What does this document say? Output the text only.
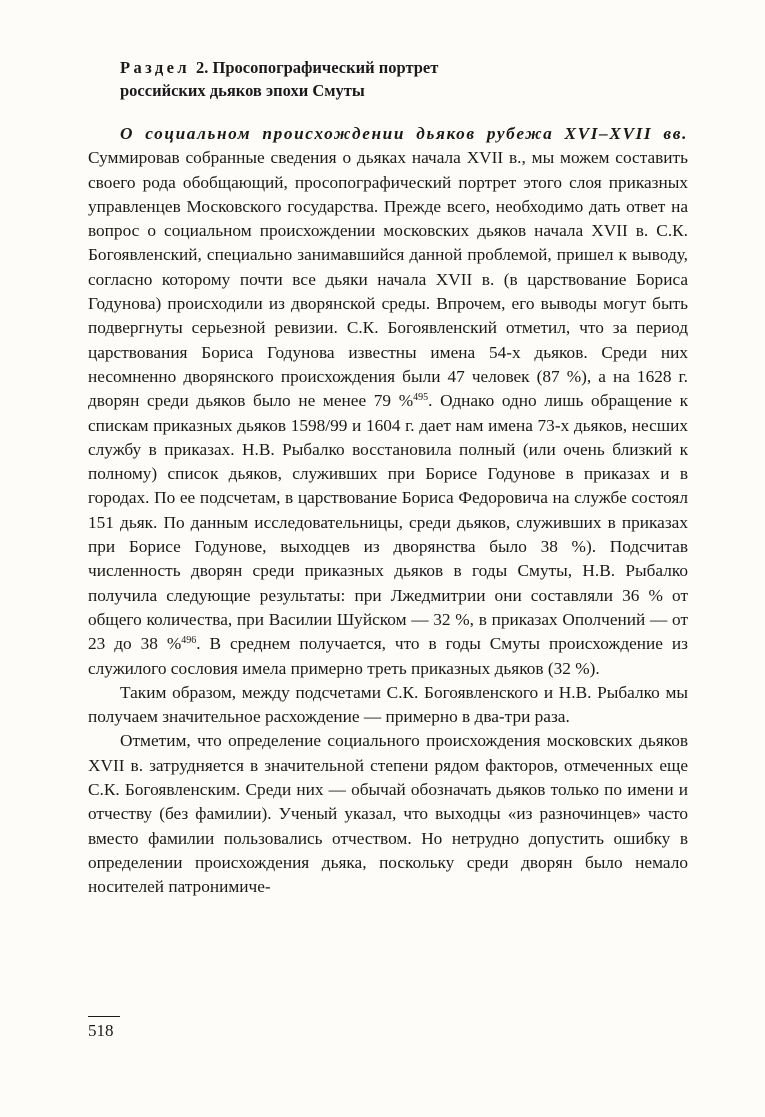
Раздел 2. Просопографический портрет
российских дьяков эпохи Смуты

О социальном происхождении дьяков рубежа XVI–XVII вв. Суммировав собранные сведения о дьяках начала XVII в., мы можем составить своего рода обобщающий, просопографический портрет этого слоя приказных управленцев Московского государства. Прежде всего, необходимо дать ответ на вопрос о социальном происхождении московских дьяков начала XVII в. С.К. Богоявленский, специально занимавшийся данной проблемой, пришел к выводу, согласно которому почти все дьяки начала XVII в. (в царствование Бориса Годунова) происходили из дворянской среды. Впрочем, его выводы могут быть подвергнуты серьезной ревизии. С.К. Богоявленский отметил, что за период царствования Бориса Годунова известны имена 54-х дьяков. Среди них несомненно дворянского происхождения были 47 человек (87 %), а на 1628 г. дворян среди дьяков было не менее 79 %$^{495}$. Однако одно лишь обращение к спискам приказных дьяков 1598/99 и 1604 г. дает нам имена 73-х дьяков, несших службу в приказах. Н.В. Рыбалко восстановила полный (или очень близкий к полному) список дьяков, служивших при Борисе Годунове в приказах и в городах. По ее подсчетам, в царствование Бориса Федоровича на службе состоял 151 дьяк. По данным исследовательницы, среди дьяков, служивших в приказах при Борисе Годунове, выходцев из дворянства было 38 %). Подсчитав численность дворян среди приказных дьяков в годы Смуты, Н.В. Рыбалко получила следующие результаты: при Лжедмитрии они составляли 36 % от общего количества, при Василии Шуйском — 32 %, в приказах Ополчений — от 23 до 38 %$^{496}$. В среднем получается, что в годы Смуты происхождение из служилого сословия имела примерно треть приказных дьяков (32 %).

Таким образом, между подсчетами С.К. Богоявленского и Н.В. Рыбалко мы получаем значительное расхождение — примерно в два-три раза.

Отметим, что определение социального происхождения московских дьяков XVII в. затрудняется в значительной степени рядом факторов, отмеченных еще С.К. Богоявленским. Среди них — обычай обозначать дьяков только по имени и отчеству (без фамилии). Ученый указал, что выходцы «из разночинцев» часто вместо фамилии пользовались отчеством. Но нетрудно допустить ошибку в определении происхождения дьяка, поскольку среди дворян было немало носителей патронимиче-

518
